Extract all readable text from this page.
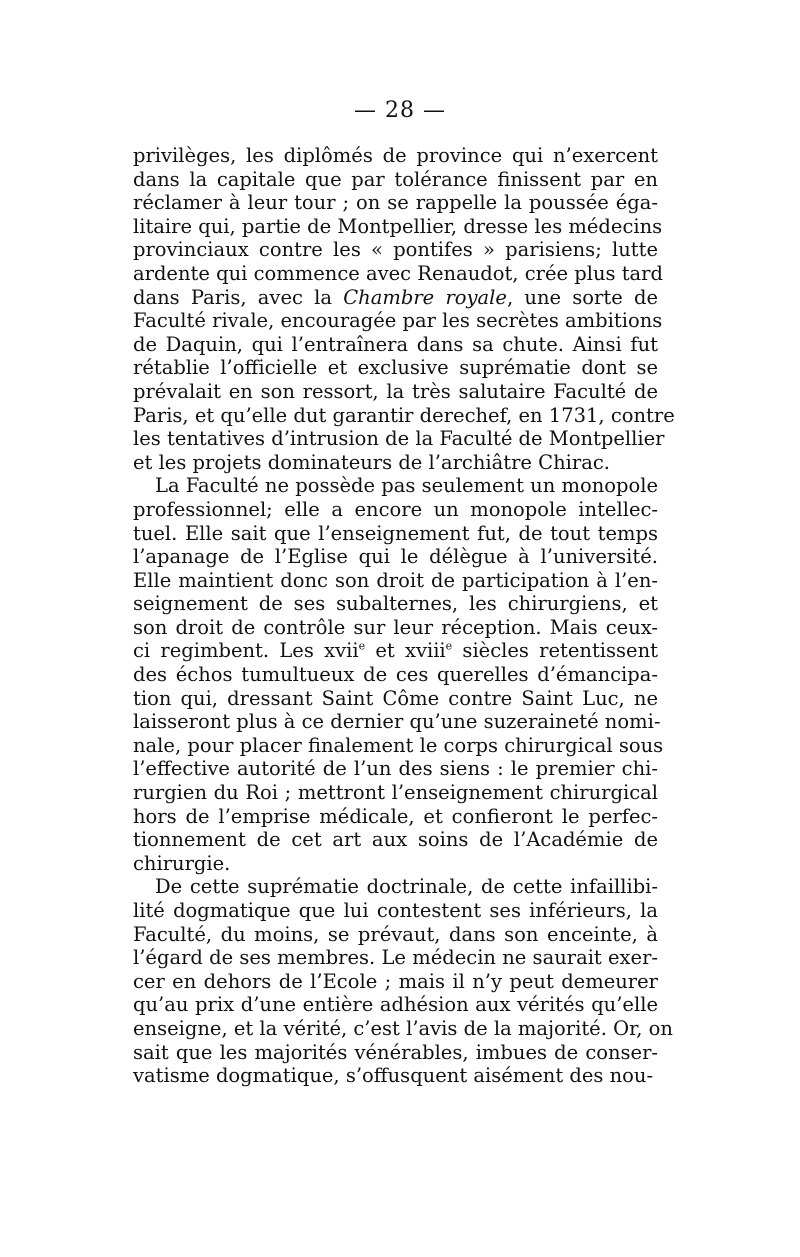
— 28 —
privilèges, les diplômés de province qui n’exercent
dans la capitale que par tolérance finissent par en
réclamer à leur tour ; on se rappelle la poussée éga-
litaire qui, partie de Montpellier, dresse les médecins
provinciaux contre les « pontifes » parisiens; lutte
ardente qui commence avec Renaudot, crée plus tard
dans Paris, avec la Chambre royale, une sorte de
Faculté rivale, encouragée par les secrètes ambitions
de Daquin, qui l’entraînera dans sa chute. Ainsi fut
rétablie l’officielle et exclusive suprématie dont se
prévalait en son ressort, la très salutaire Faculté de
Paris, et qu’elle dut garantir derechef, en 1731, contre
les tentatives d’intrusion de la Faculté de Montpellier
et les projets dominateurs de l’archiâtre Chirac.
La Faculté ne possède pas seulement un monopole
professionnel; elle a encore un monopole intellec-
tuel. Elle sait que l’enseignement fut, de tout temps
l’apanage de l’Eglise qui le délègue à l’université.
Elle maintient donc son droit de participation à l’en-
seignement de ses subalternes, les chirurgiens, et
son droit de contrôle sur leur réception. Mais ceux-
ci regimbent. Les xvii$^e$ et xviii$^e$ siècles retentissent
des échos tumultueux de ces querelles d’émancipa-
tion qui, dressant Saint Côme contre Saint Luc, ne
laisseront plus à ce dernier qu’une suzeraineté nomi-
nale, pour placer finalement le corps chirurgical sous
l’effective autorité de l’un des siens : le premier chi-
rurgien du Roi ; mettront l’enseignement chirurgical
hors de l’emprise médicale, et confieront le perfec-
tionnement de cet art aux soins de l’Académie de
chirurgie.
De cette suprématie doctrinale, de cette infaillibi-
lité dogmatique que lui contestent ses inférieurs, la
Faculté, du moins, se prévaut, dans son enceinte, à
l’égard de ses membres. Le médecin ne saurait exer-
cer en dehors de l’Ecole ; mais il n’y peut demeurer
qu’au prix d’une entière adhésion aux vérités qu’elle
enseigne, et la vérité, c’est l’avis de la majorité. Or, on
sait que les majorités vénérables, imbues de conser-
vatisme dogmatique, s’offusquent aisément des nou-
